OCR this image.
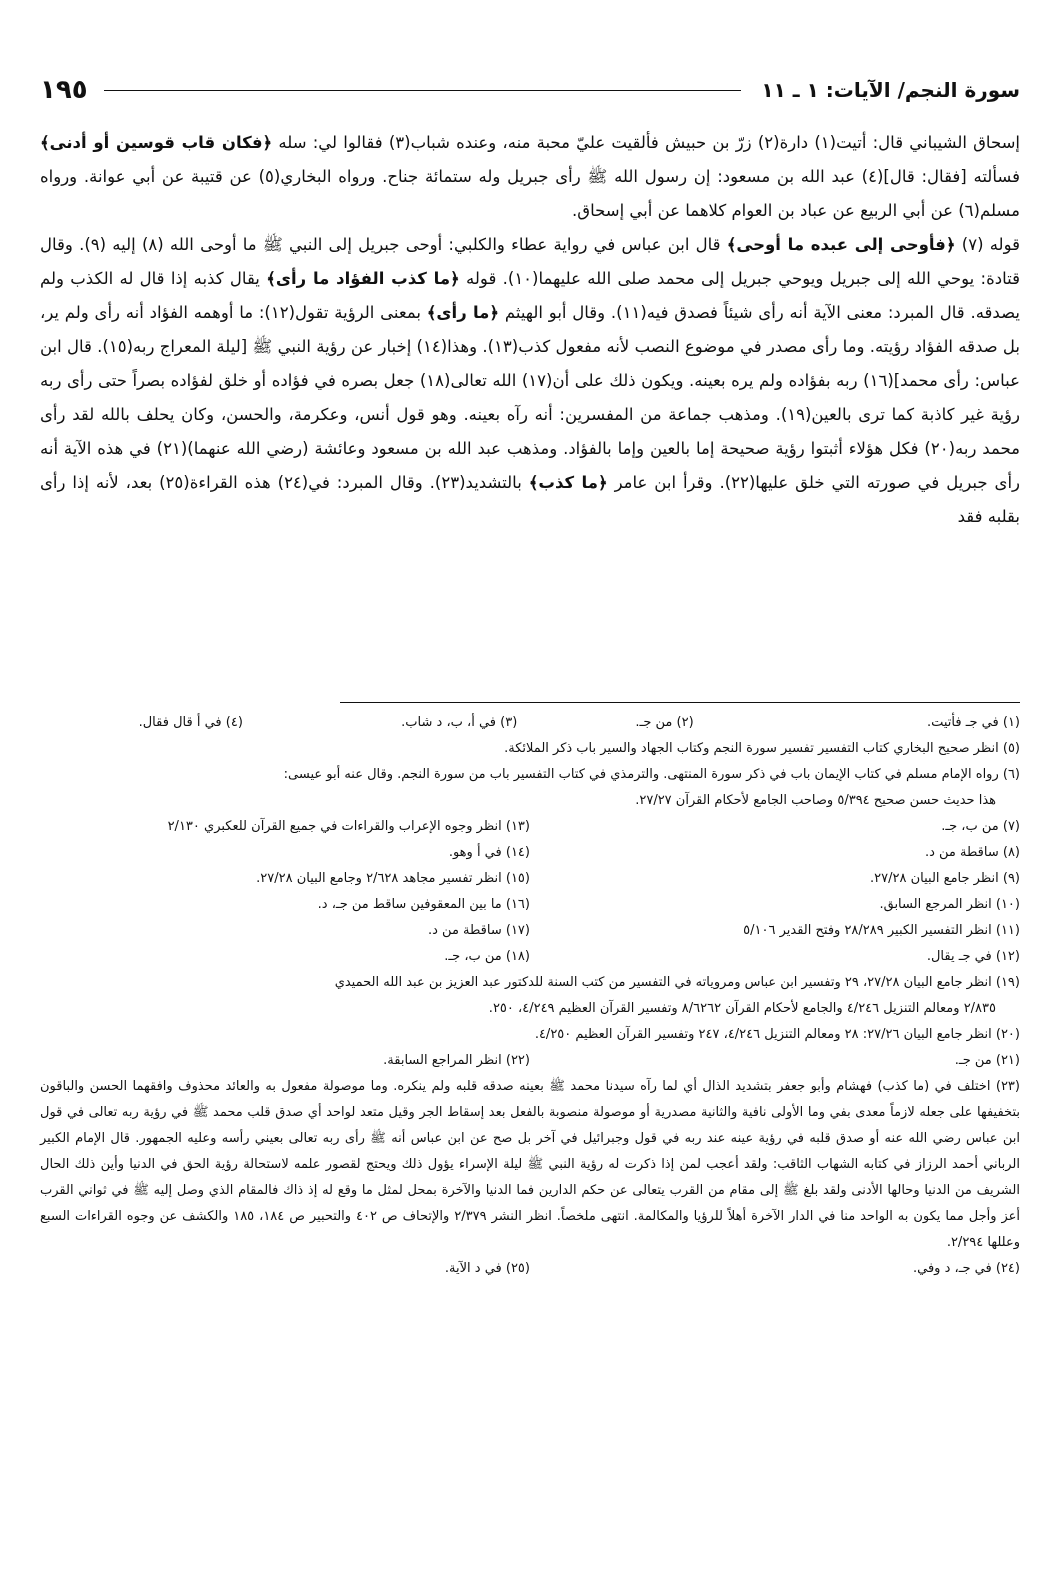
سورة النجم/ الآيات: ١ ـ ١١
١٩٥

إسحاق الشيباني قال: أتيت(١) دارة(٢) زرّ بن حبيش فألقيت عليّ محبة منه، وعنده شباب(٣) فقالوا لي: سله ﴿فكان قاب قوسين أو أدنى﴾ فسألته [فقال: قال](٤) عبد الله بن مسعود: إن رسول الله ﷺ رأى جبريل وله ستمائة جناح. ورواه البخاري(٥) عن قتيبة عن أبي عوانة. ورواه مسلم(٦) عن أبي الربيع عن عباد بن العوام كلاهما عن أبي إسحاق.

قوله (٧) ﴿فأوحى إلى عبده ما أوحى﴾ قال ابن عباس في رواية عطاء والكلبي: أوحى جبريل إلى النبي ﷺ ما أوحى الله (٨) إليه (٩). وقال قتادة: يوحي الله إلى جبريل ويوحي جبريل إلى محمد صلى الله عليهما(١٠). قوله ﴿ما كذب الفؤاد ما رأى﴾ يقال كذبه إذا قال له الكذب ولم يصدقه. قال المبرد: معنى الآية أنه رأى شيئاً فصدق فيه(١١). وقال أبو الهيثم ﴿ما رأى﴾ بمعنى الرؤية تقول(١٢): ما أوهمه الفؤاد أنه رأى ولم ير، بل صدقه الفؤاد رؤيته. وما رأى مصدر في موضوع النصب لأنه مفعول كذب(١٣). وهذا(١٤) إخبار عن رؤية النبي ﷺ [ليلة المعراج ربه(١٥). قال ابن عباس: رأى محمد](١٦) ربه بفؤاده ولم يره بعينه. ويكون ذلك على أن(١٧) الله تعالى(١٨) جعل بصره في فؤاده أو خلق لفؤاده بصراً حتى رأى ربه رؤية غير كاذبة كما ترى بالعين(١٩). ومذهب جماعة من المفسرين: أنه رآه بعينه. وهو قول أنس، وعكرمة، والحسن، وكان يحلف بالله لقد رأى محمد ربه(٢٠) فكل هؤلاء أثبتوا رؤية صحيحة إما بالعين وإما بالفؤاد. ومذهب عبد الله بن مسعود وعائشة (رضي الله عنهما)(٢١) في هذه الآية أنه رأى جبريل في صورته التي خلق عليها(٢٢). وقرأ ابن عامر ﴿ما كذب﴾ بالتشديد(٢٣). وقال المبرد: في(٢٤) هذه القراءة(٢٥) بعد، لأنه إذا رأى بقلبه فقد

(١) في جـ فأتيت.
(٢) من جـ.
(٣) في أ، ب، د شاب.
(٤) في أ قال فقال.
(٥) انظر صحيح البخاري كتاب التفسير تفسير سورة النجم وكتاب الجهاد والسير باب ذكر الملائكة.
(٦) رواه الإمام مسلم في كتاب الإيمان باب في ذكر سورة المنتهى. والترمذي في كتاب التفسير باب من سورة النجم. وقال عنه أبو عيسى:
هذا حديث حسن صحيح ٥/٣٩٤ وصاحب الجامع لأحكام القرآن ٢٧/٢٧.
(٧) من ب، جـ.
(١٣) انظر وجوه الإعراب والقراءات في جميع القرآن للعكبري ٢/١٣٠
(٨) ساقطة من د.
(١٤) في أ وهو.
(٩) انظر جامع البيان ٢٧/٢٨.
(١٥) انظر تفسير مجاهد ٢/٦٢٨ وجامع البيان ٢٧/٢٨.
(١٠) انظر المرجع السابق.
(١٦) ما بين المعقوفين ساقط من جـ، د.
(١١) انظر التفسير الكبير ٢٨/٢٨٩ وفتح القدير ٥/١٠٦
(١٧) ساقطة من د.
(١٢) في جـ يقال.
(١٨) من ب، جـ.
(١٩) انظر جامع البيان ٢٧/٢٨، ٢٩ وتفسير ابن عباس ومروياته في التفسير من كتب السنة للدكتور عبد العزيز بن عبد الله الحميدي
٢/٨٣٥ ومعالم التنزيل ٤/٢٤٦ والجامع لأحكام القرآن ٨/٦٢٦٢ وتفسير القرآن العظيم ٤/٢٤٩، ٢٥٠.
(٢٠) انظر جامع البيان ٢٧/٢٦: ٢٨ ومعالم التنزيل ٤/٢٤٦، ٢٤٧ وتفسير القرآن العظيم ٤/٢٥٠.
(٢١) من جـ.
(٢٢) انظر المراجع السابقة.
(٢٣) اختلف في (ما كذب) فهشام وأبو جعفر بتشديد الذال أي لما رآه سيدنا محمد ﷺ بعينه صدقه قلبه ولم ينكره. وما موصولة مفعول به والعائد محذوف وافقهما الحسن والباقون بتخفيفها على جعله لازماً معدى بفي وما الأولى نافية والثانية مصدرية أو موصولة منصوبة بالفعل بعد إسقاط الجر وقيل متعد لواحد أي صدق قلب محمد ﷺ في رؤية ربه تعالى في قول ابن عباس رضي الله عنه أو صدق قلبه في رؤية عينه عند ربه في قول وجبرائيل في آخر بل صح عن ابن عباس أنه ﷺ رأى ربه تعالى بعيني رأسه وعليه الجمهور. قال الإمام الكبير الرباني أحمد الرزاز في كتابه الشهاب الثاقب: ولقد أعجب لمن إذا ذكرت له رؤية النبي ﷺ ليلة الإسراء يؤول ذلك ويحتج لقصور علمه لاستحالة رؤية الحق في الدنيا وأين ذلك الحال الشريف من الدنيا وحالها الأدنى ولقد بلغ ﷺ إلى مقام من القرب يتعالى عن حكم الدارين فما الدنيا والآخرة بمحل لمثل ما وقع له إذ ذاك فالمقام الذي وصل إليه ﷺ في ثواني القرب أعز وأجل مما يكون به الواحد منا في الدار الآخرة أهلاً للرؤيا والمكالمة. انتهى ملخصاً. انظر النشر ٢/٣٧٩ والإتحاف ص ٤٠٢ والتحبير ص ١٨٤، ١٨٥ والكشف عن وجوه القراءات السبع وعللها ٢/٢٩٤.
(٢٤) في جـ، د وفي.
(٢٥) في د الآية.
